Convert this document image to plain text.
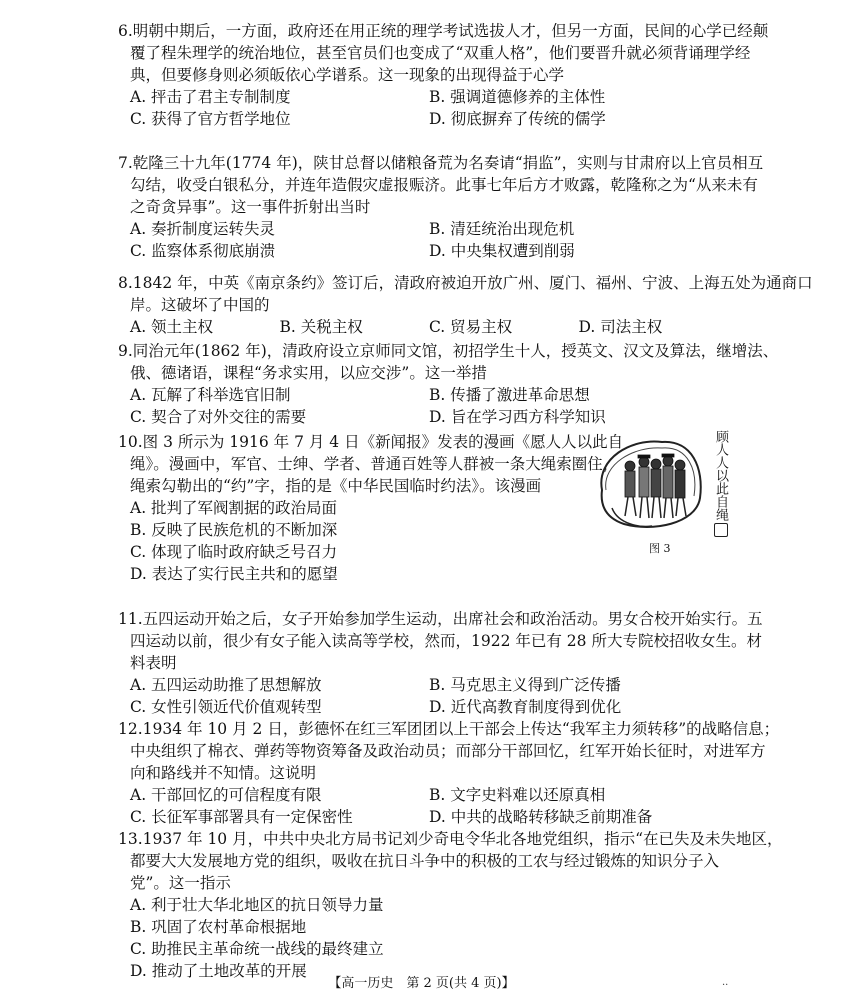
6.明朝中期后，一方面，政府还在用正统的理学考试选拔人才，但另一方面，民间的心学已经颠
覆了程朱理学的统治地位，甚至官员们也变成了“双重人格”，他们要晋升就必须背诵理学经
典，但要修身则必须皈依心学谱系。这一现象的出现得益于心学
A. 抨击了君主专制制度	B. 强调道德修养的主体性
C. 获得了官方哲学地位	D. 彻底摒弃了传统的儒学
7.乾隆三十九年(1774 年)，陕甘总督以储粮备荒为名奏请“捐监”，实则与甘肃府以上官员相互
勾结，收受白银私分，并连年造假灾虚报赈济。此事七年后方才败露，乾隆称之为“从来未有
之奇贪异事”。这一事件折射出当时
A. 奏折制度运转失灵	B. 清廷统治出现危机
C. 监察体系彻底崩溃	D. 中央集权遭到削弱
8.1842 年，中英《南京条约》签订后，清政府被迫开放广州、厦门、福州、宁波、上海五处为通商口
岸。这破坏了中国的
A. 领土主权	B. 关税主权	C. 贸易主权	D. 司法主权
9.同治元年(1862 年)，清政府设立京师同文馆，初招学生十人，授英文、汉文及算法，继增法、
俄、德诸语，课程“务求实用，以应交涉”。这一举措
A. 瓦解了科举选官旧制	B. 传播了激进革命思想
C. 契合了对外交往的需要	D. 旨在学习西方科学知识
10.图 3 所示为 1916 年 7 月 4 日《新闻报》发表的漫画《愿人人以此自
绳》。漫画中，军官、士绅、学者、普通百姓等人群被一条大绳索圈住，
绳索勾勒出的“约”字，指的是《中华民国临时约法》。该漫画
A. 批判了军阀割据的政治局面
B. 反映了民族危机的不断加深
C. 体现了临时政府缺乏号召力
D. 表达了实行民主共和的愿望
顾人人以此自绳
图 3
11.五四运动开始之后，女子开始参加学生运动，出席社会和政治活动。男女合校开始实行。五
四运动以前，很少有女子能入读高等学校，然而，1922 年已有 28 所大专院校招收女生。材
料表明
A. 五四运动助推了思想解放	B. 马克思主义得到广泛传播
C. 女性引领近代价值观转型	D. 近代高教育制度得到优化
12.1934 年 10 月 2 日，彭德怀在红三军团团以上干部会上传达“我军主力须转移”的战略信息；
中央组织了棉衣、弹药等物资筹备及政治动员；而部分干部回忆，红军开始长征时，对进军方
向和路线并不知情。这说明
A. 干部回忆的可信程度有限	B. 文字史料难以还原真相
C. 长征军事部署具有一定保密性	D. 中共的战略转移缺乏前期准备
13.1937 年 10 月，中共中央北方局书记刘少奇电令华北各地党组织，指示“在已失及未失地区，
都要大大发展地方党的组织，吸收在抗日斗争中的积极的工农与经过锻炼的知识分子入
党”。这一指示
A. 利于壮大华北地区的抗日领导力量
B. 巩固了农村革命根据地
C. 助推民主革命统一战线的最终建立
D. 推动了土地改革的开展
【高一历史　第 2 页(共 4 页)】	··
